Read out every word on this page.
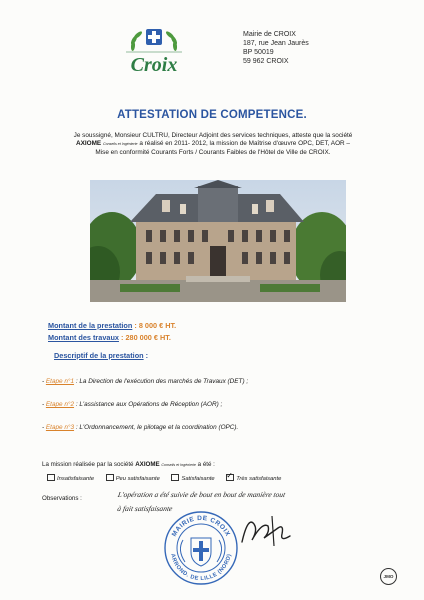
Croix
Mairie de CROIX
187, rue Jean Jaurès
BP 50019
59 962 CROIX
ATTESTATION DE COMPETENCE.
Je soussigné, Monsieur CULTRU, Directeur Adjoint des services techniques, atteste que la société
AXIOME Conseils et Ingénierie a réalisé en 2011- 2012, la mission de Maîtrise d'œuvre OPC, DET, AOR –
Mise en conformité Courants Forts / Courants Faibles de l'Hôtel de Ville de CROIX.
Montant de la prestation : 8 000 € HT.
Montant des travaux : 280 000 € HT.
Descriptif de la prestation :
- Etape n°1 : La Direction de l'exécution des marchés de Travaux (DET) ;
- Etape n°2 : L'assistance aux Opérations de Réception (AOR) ;
- Etape n°3 : L'Ordonnancement, le pilotage et la coordination (OPC).
La mission réalisée par la société AXIOME Conseils et Ingénierie a été :
Insatisfaisante	Peu satisfaisante	Satisfaisante ✓	Très satisfaisante
Observations :	L'opération a été suivie de bout en bout de manière tout
à fait satisfaisante
MAIRIE DE CROIX
ARROND. DE LILLE (NORD)
JMO
